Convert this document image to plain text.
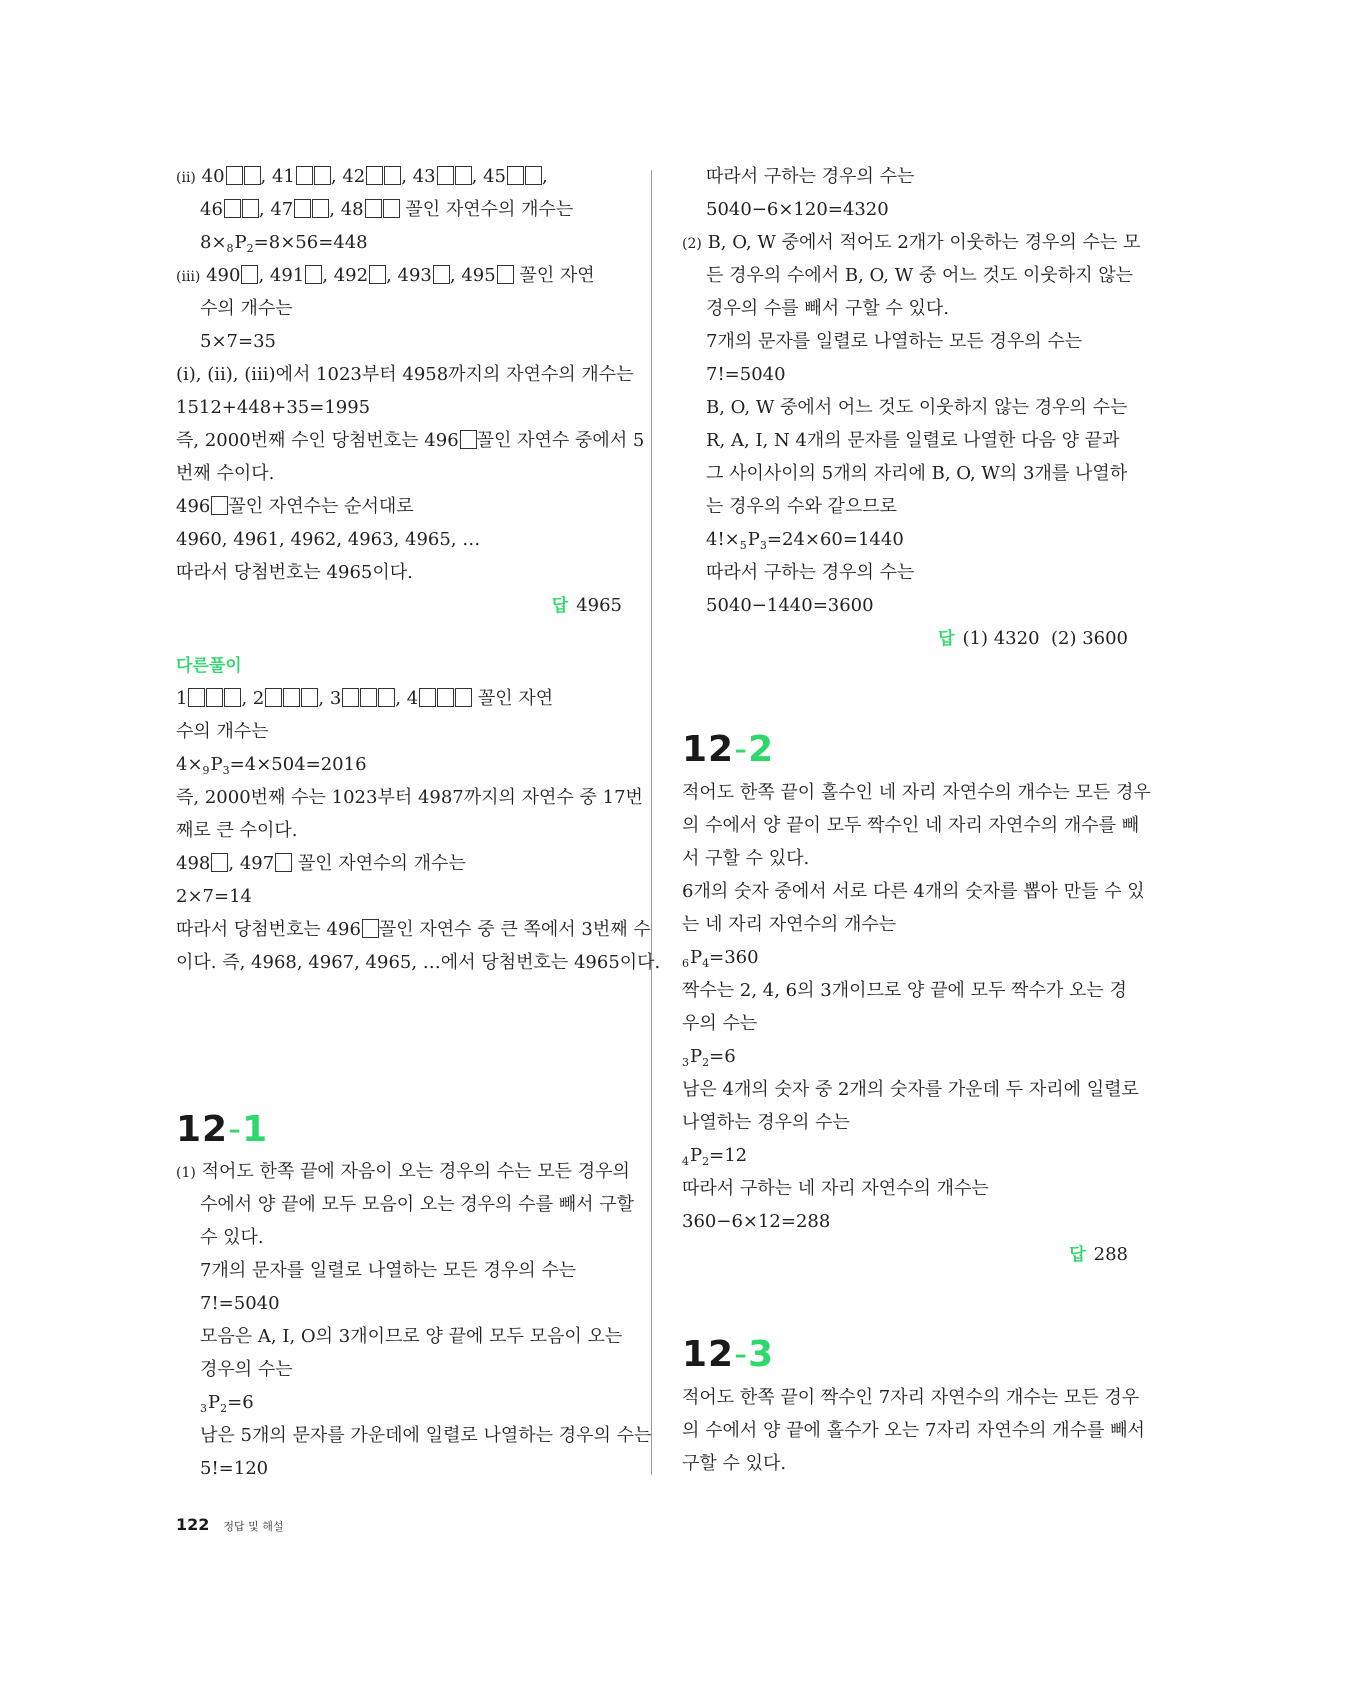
(ⅱ) 40 , 41 , 42 , 43 , 45 ,
46 , 47 , 48 꼴인 자연수의 개수는
$8\times_8P_2=8\times 56=448$
(ⅲ) 490 , 491 , 492 , 493 , 495 꼴인 자연
수의 개수는
5×7=35
(ⅰ), (ⅱ), (ⅲ)에서 1023부터 4958까지의 자연수의 개수는
1512+448+35=1995
즉, 2000번째 수인 당첨번호는 496 꼴인 자연수 중에서 5
번째 수이다.
496 꼴인 자연수는 순서대로
4960, 4961, 4962, 4963, 4965, …
따라서 당첨번호는 4965이다.
답 4965
다른풀이
1	, 2	, 3	, 4	꼴인 자연
수의 개수는
$4\times_9P_3=4\times 504=2016$
즉, 2000번째 수는 1023부터 4987까지의 자연수 중 17번
째로 큰 수이다.
498 , 497 꼴인 자연수의 개수는
2×7=14
따라서 당첨번호는 496 꼴인 자연수 중 큰 쪽에서 3번째 수
이다. 즉, 4968, 4967, 4965, …에서 당첨번호는 4965이다.
12-1
(1) 적어도 한쪽 끝에 자음이 오는 경우의 수는 모든 경우의
수에서 양 끝에 모두 모음이 오는 경우의 수를 빼서 구할
수 있다.
7개의 문자를 일렬로 나열하는 모든 경우의 수는
7!=5040
모음은 A, I, O의 3개이므로 양 끝에 모두 모음이 오는
경우의 수는
$_3P_2=6$
남은 5개의 문자를 가운데에 일렬로 나열하는 경우의 수는
5!=120
따라서 구하는 경우의 수는
5040−6×120=4320
(2) B, O, W 중에서 적어도 2개가 이웃하는 경우의 수는 모
든 경우의 수에서 B, O, W 중 어느 것도 이웃하지 않는
경우의 수를 빼서 구할 수 있다.
7개의 문자를 일렬로 나열하는 모든 경우의 수는
7!=5040
B, O, W 중에서 어느 것도 이웃하지 않는 경우의 수는
R, A, I, N 4개의 문자를 일렬로 나열한 다음 양 끝과
그 사이사이의 5개의 자리에 B, O, W의 3개를 나열하
는 경우의 수와 같으므로
$4!\times_5P_3=24\times 60=1440$
따라서 구하는 경우의 수는
5040−1440=3600
답 (1) 4320  (2) 3600
12-2
적어도 한쪽 끝이 홀수인 네 자리 자연수의 개수는 모든 경우
의 수에서 양 끝이 모두 짝수인 네 자리 자연수의 개수를 빼
서 구할 수 있다.
6개의 숫자 중에서 서로 다른 4개의 숫자를 뽑아 만들 수 있
는 네 자리 자연수의 개수는
$_6P_4=360$
짝수는 2, 4, 6의 3개이므로 양 끝에 모두 짝수가 오는 경
우의 수는
$_3P_2=6$
남은 4개의 숫자 중 2개의 숫자를 가운데 두 자리에 일렬로
나열하는 경우의 수는
$_4P_2=12$
따라서 구하는 네 자리 자연수의 개수는
360−6×12=288
답 288
12-3
적어도 한쪽 끝이 짝수인 7자리 자연수의 개수는 모든 경우
의 수에서 양 끝에 홀수가 오는 7자리 자연수의 개수를 빼서
구할 수 있다.
122 정답 및 해설
